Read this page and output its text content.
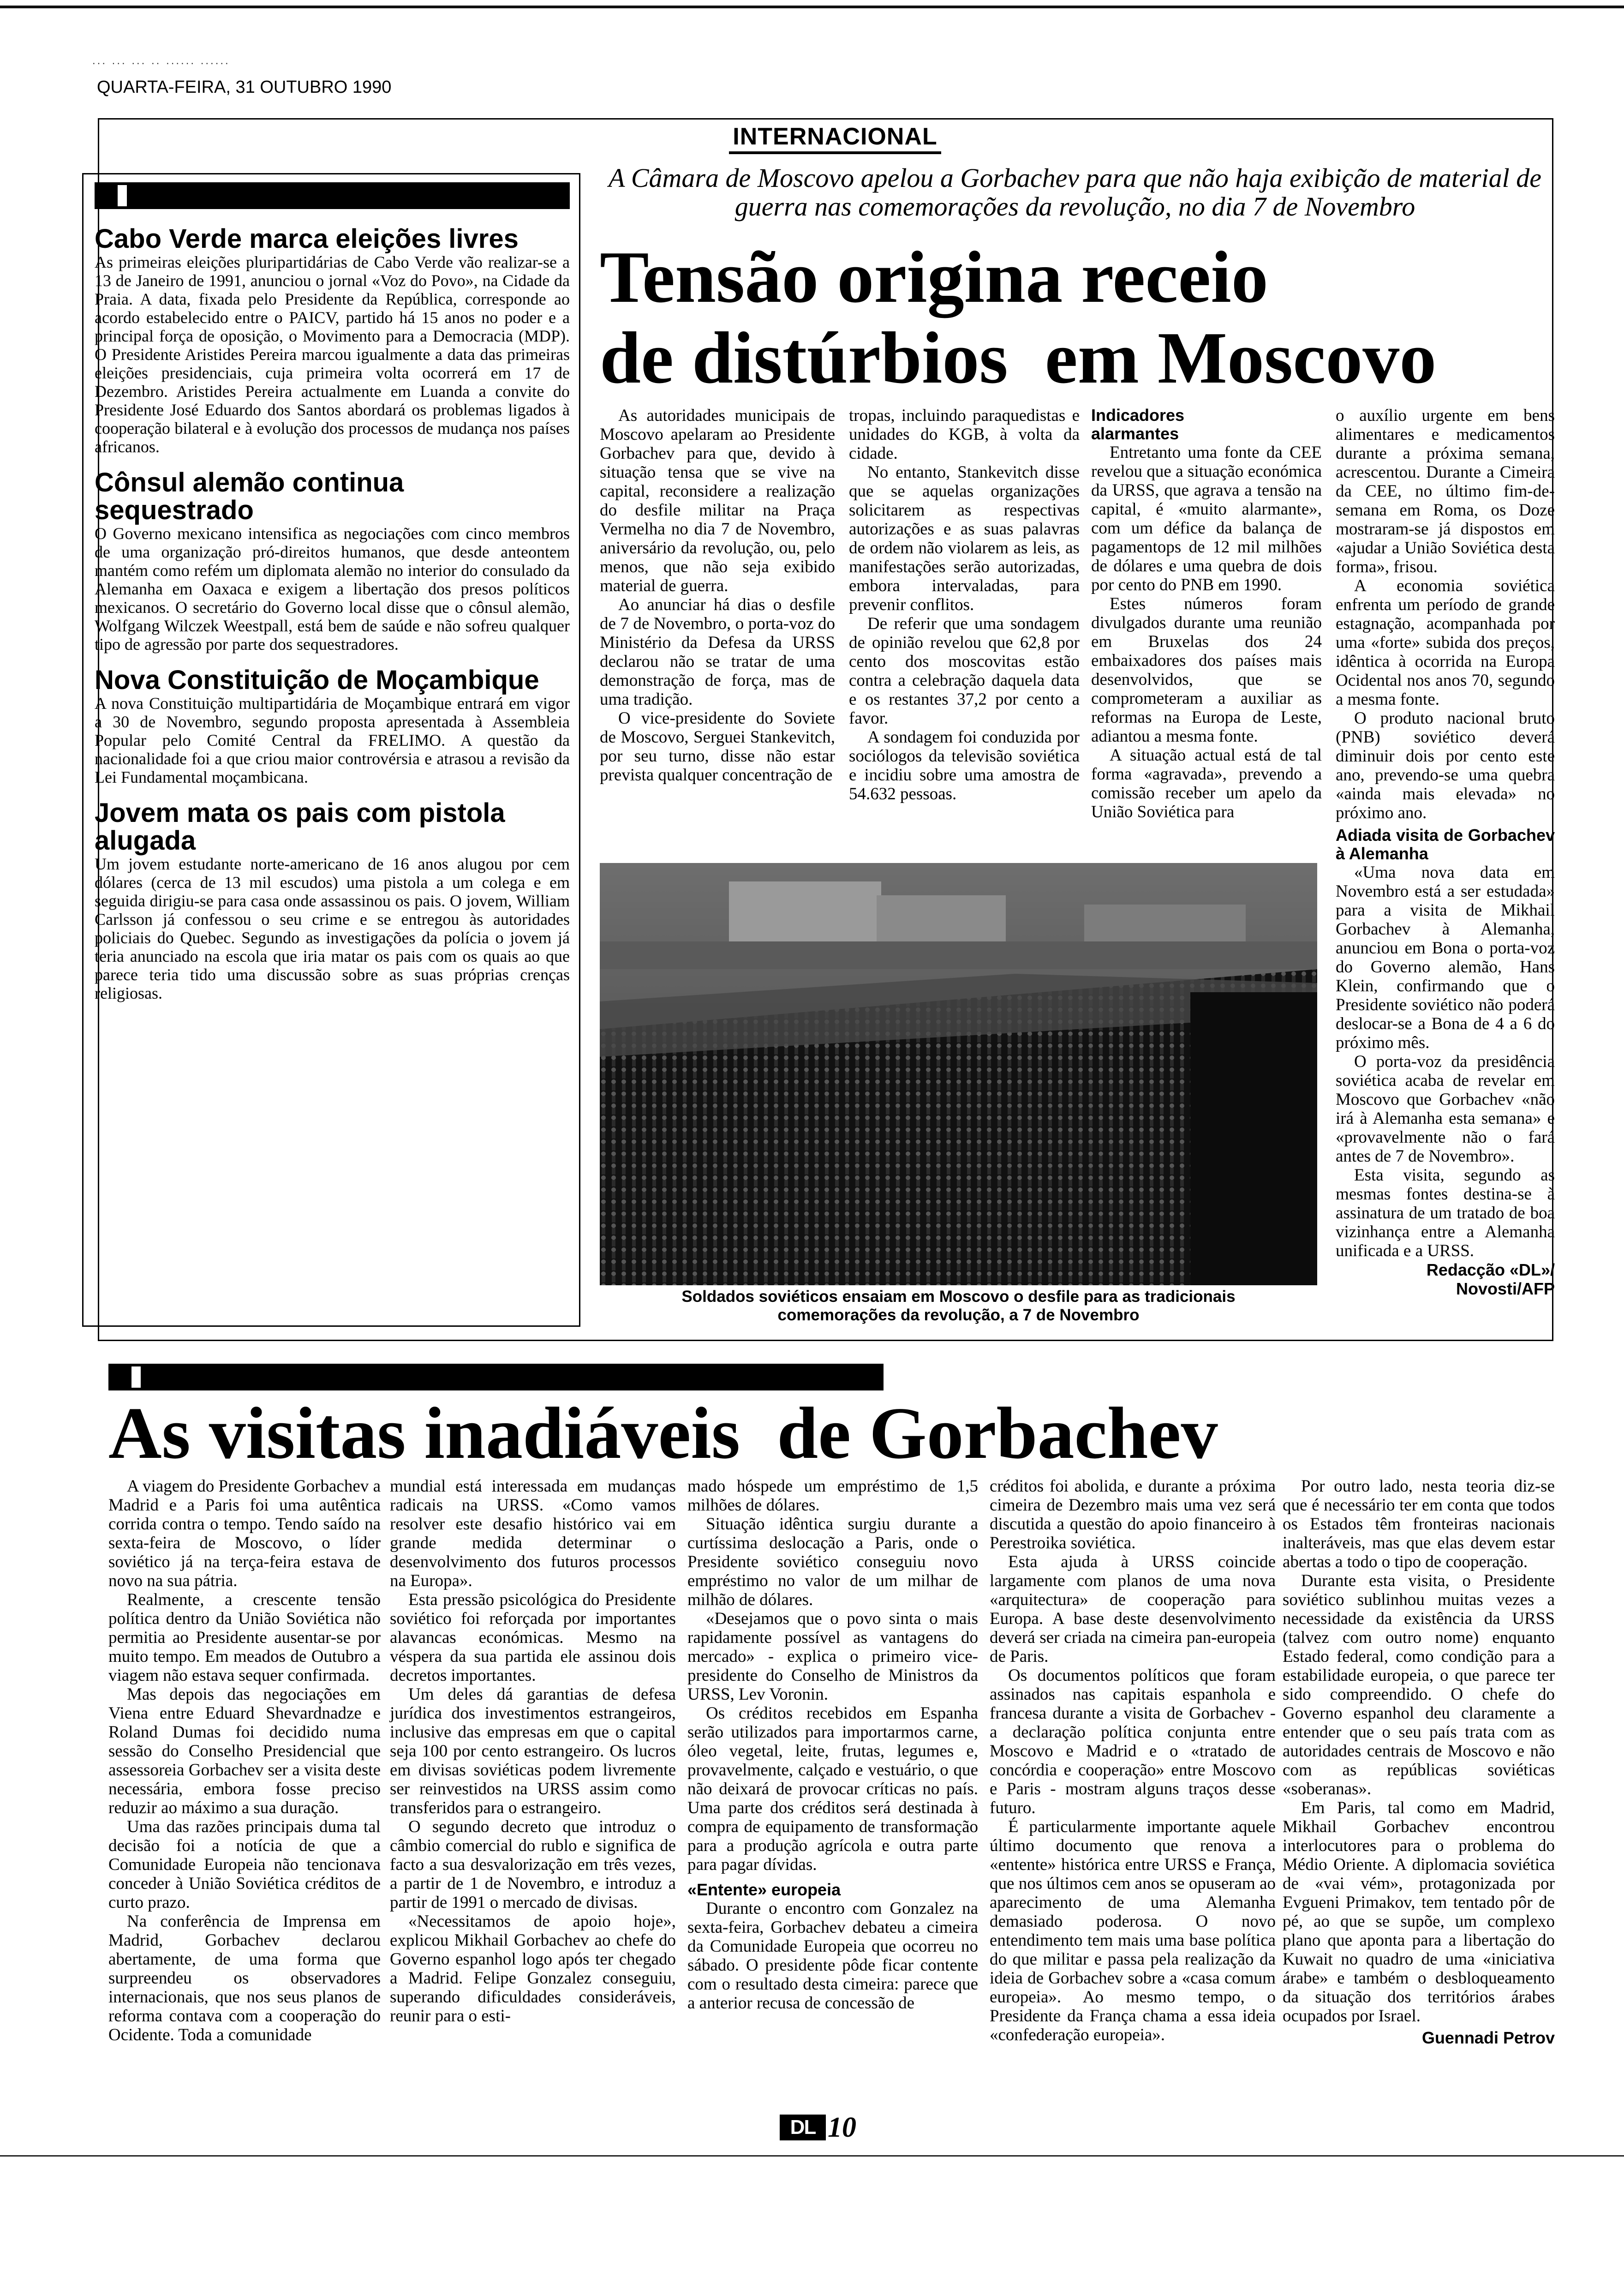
... ... ... .. ...... ......
QUARTA-FEIRA, 31 OUTUBRO 1990
INTERNACIONAL
Cabo Verde marca eleições livres
As primeiras eleições pluripartidárias de Cabo Verde vão realizar-se a 13 de Janeiro de 1991, anunciou o jornal «Voz do Povo», na Cidade da Praia. A data, fixada pelo Presidente da República, corresponde ao acordo estabelecido entre o PAICV, partido há 15 anos no poder e a principal força de oposição, o Movimento para a Democracia (MDP). O Presidente Aristides Pereira marcou igualmente a data das primeiras eleições presidenciais, cuja primeira volta ocorrerá em 17 de Dezembro. Aristides Pereira actualmente em Luanda a convite do Presidente José Eduardo dos Santos abordará os problemas ligados à cooperação bilateral e à evolução dos processos de mudança nos países africanos.
Cônsul alemão continua sequestrado
O Governo mexicano intensifica as negociações com cinco membros de uma organização pró-direitos humanos, que desde anteontem mantém como refém um diplomata alemão no interior do consulado da Alemanha em Oaxaca e exigem a libertação dos presos políticos mexicanos. O secretário do Governo local disse que o cônsul alemão, Wolfgang Wilczek Weestpall, está bem de saúde e não sofreu qualquer tipo de agressão por parte dos sequestradores.
Nova Constituição de Moçambique
A nova Constituição multipartidária de Moçambique entrará em vigor a 30 de Novembro, segundo proposta apresentada à Assembleia Popular pelo Comité Central da FRELIMO. A questão da nacionalidade foi a que criou maior controvérsia e atrasou a revisão da Lei Fundamental moçambicana.
Jovem mata os pais com pistola alugada
Um jovem estudante norte-americano de 16 anos alugou por cem dólares (cerca de 13 mil escudos) uma pistola a um colega e em seguida dirigiu-se para casa onde assassinou os pais. O jovem, William Carlsson já confessou o seu crime e se entregou às autoridades policiais do Quebec. Segundo as investigações da polícia o jovem já teria anunciado na escola que iria matar os pais com os quais ao que parece teria tido uma discussão sobre as suas próprias crenças religiosas.
A Câmara de Moscovo apelou a Gorbachev para que não haja exibição de material de guerra nas comemorações da revolução, no dia 7 de Novembro
Tensão origina receio
de distúrbios  em Moscovo

As autoridades municipais de Moscovo apelaram ao Presidente Gorbachev para que, devido à situação tensa que se vive na capital, reconsidere a realização do desfile militar na Praça Vermelha no dia 7 de Novembro, aniversário da revolução, ou, pelo menos, que não seja exibido material de guerra.

Ao anunciar há dias o desfile de 7 de Novembro, o porta-voz do Ministério da Defesa da URSS declarou não se tratar de uma demonstração de força, mas de uma tradição.

O vice-presidente do Soviete de Moscovo, Serguei Stankevitch, por seu turno, disse não estar prevista qualquer concentração de

tropas, incluindo paraquedistas e unidades do KGB, à volta da cidade.

No entanto, Stankevitch disse que se aquelas organizações solicitarem as respectivas autorizações e as suas palavras de ordem não violarem as leis, as manifestações serão autorizadas, embora intervaladas, para prevenir conflitos.

De referir que uma sondagem de opinião revelou que 62,8 por cento dos moscovitas estão contra a celebração daquela data e os restantes 37,2 por cento a favor.

A sondagem foi conduzida por sociólogos da televisão soviética e incidiu sobre uma amostra de 54.632 pessoas.

Indicadores alarmantes

Entretanto uma fonte da CEE revelou que a situação económica da URSS, que agrava a tensão na capital, é «muito alarmante», com um défice da balança de pagamentops de 12 mil milhões de dólares e uma quebra de dois por cento do PNB em 1990.

Estes números foram divulgados durante uma reunião em Bruxelas dos 24 embaixadores dos países mais desenvolvidos, que se comprometeram a auxiliar as reformas na Europa de Leste, adiantou a mesma fonte.

A situação actual está de tal forma «agravada», prevendo a comissão receber um apelo da União Soviética para

o auxílio urgente em bens alimentares e medicamentos durante a próxima semana, acrescentou. Durante a Cimeira da CEE, no último fim-de-semana em Roma, os Doze mostraram-se já dispostos em «ajudar a União Soviética desta forma», frisou.

A economia soviética enfrenta um período de grande estagnação, acompanhada por uma «forte» subida dos preços, idêntica à ocorrida na Europa Ocidental nos anos 70, segundo a mesma fonte.

O produto nacional bruto (PNB) soviético deverá diminuir dois por cento este ano, prevendo-se uma quebra «ainda mais elevada» no próximo ano.

Adiada visita de Gorbachev à Alemanha

«Uma nova data em Novembro está a ser estudada» para a visita de Mikhail Gorbachev à Alemanha, anunciou em Bona o porta-voz do Governo alemão, Hans Klein, confirmando que o Presidente soviético não poderá deslocar-se a Bona de 4 a 6 do próximo mês.

O porta-voz da presidência soviética acaba de revelar em Moscovo que Gorbachev «não irá à Alemanha esta semana» e «provavelmente não o fará antes de 7 de Novembro».

Esta visita, segundo as mesmas fontes destina-se à assinatura de um tratado de boa vizinhança entre a Alemanha unificada e a URSS.

Redacção «DL»/
Novosti/AFP
Soldados soviéticos ensaiam em Moscovo o desfile para as tradicionais
comemorações da revolução, a 7 de Novembro
As visitas inadiáveis  de Gorbachev

A viagem do Presidente Gorbachev a Madrid e a Paris foi uma autêntica corrida contra o tempo. Tendo saído na sexta-feira de Moscovo, o líder soviético já na terça-feira estava de novo na sua pátria.

Realmente, a crescente tensão política dentro da União Soviética não permitia ao Presidente ausentar-se por muito tempo. Em meados de Outubro a viagem não estava sequer confirmada.

Mas depois das negociações em Viena entre Eduard Shevardnadze e Roland Dumas foi decidido numa sessão do Conselho Presidencial que assessoreia Gorbachev ser a visita deste necessária, embora fosse preciso reduzir ao máximo a sua duração.

Uma das razões principais duma tal decisão foi a notícia de que a Comunidade Europeia não tencionava conceder à União Soviética créditos de curto prazo.

Na conferência de Imprensa em Madrid, Gorbachev declarou abertamente, de uma forma que surpreendeu os observadores internacionais, que nos seus planos de reforma contava com a cooperação do Ocidente. Toda a comunidade

mundial está interessada em mudanças radicais na URSS. «Como vamos resolver este desafio histórico vai em grande medida determinar o desenvolvimento dos futuros processos na Europa».

Esta pressão psicológica do Presidente soviético foi reforçada por importantes alavancas económicas. Mesmo na véspera da sua partida ele assinou dois decretos importantes.

Um deles dá garantias de defesa jurídica dos investimentos estrangeiros, inclusive das empresas em que o capital seja 100 por cento estrangeiro. Os lucros em divisas soviéticas podem livremente ser reinvestidos na URSS assim como transferidos para o estrangeiro.

O segundo decreto que introduz o câmbio comercial do rublo e significa de facto a sua desvalorização em três vezes, a partir de 1 de Novembro, e introduz a partir de 1991 o mercado de divisas.

«Necessitamos de apoio hoje», explicou Mikhail Gorbachev ao chefe do Governo espanhol logo após ter chegado a Madrid. Felipe Gonzalez conseguiu, superando dificuldades consideráveis, reunir para o esti-

mado hóspede um empréstimo de 1,5 milhões de dólares.

Situação idêntica surgiu durante a curtíssima deslocação a Paris, onde o Presidente soviético conseguiu novo empréstimo no valor de um milhar de milhão de dólares.

«Desejamos que o povo sinta o mais rapidamente possível as vantagens do mercado» - explica o primeiro vice-presidente do Conselho de Ministros da URSS, Lev Voronin.

Os créditos recebidos em Espanha serão utilizados para importarmos carne, óleo vegetal, leite, frutas, legumes e, provavelmente, calçado e vestuário, o que não deixará de provocar críticas no país. Uma parte dos créditos será destinada à compra de equipamento de transformação para a produção agrícola e outra parte para pagar dívidas.

«Entente» europeia

Durante o encontro com Gonzalez na sexta-feira, Gorbachev debateu a cimeira da Comunidade Europeia que ocorreu no sábado. O presidente pôde ficar contente com o resultado desta cimeira: parece que a anterior recusa de concessão de

créditos foi abolida, e durante a próxima cimeira de Dezembro mais uma vez será discutida a questão do apoio financeiro à Perestroika soviética.

Esta ajuda à URSS coincide largamente com planos de uma nova «arquitectura» de cooperação para Europa. A base deste desenvolvimento deverá ser criada na cimeira pan-europeia de Paris.

Os documentos políticos que foram assinados nas capitais espanhola e francesa durante a visita de Gorbachev - a declaração política conjunta entre Moscovo e Madrid e o «tratado de concórdia e cooperação» entre Moscovo e Paris - mostram alguns traços desse futuro.

É particularmente importante aquele último documento que renova a «entente» histórica entre URSS e França, que nos últimos cem anos se opuseram ao aparecimento de uma Alemanha demasiado poderosa. O novo entendimento tem mais uma base política do que militar e passa pela realização da ideia de Gorbachev sobre a «casa comum europeia». Ao mesmo tempo, o Presidente da França chama a essa ideia «confederação europeia».

Por outro lado, nesta teoria diz-se que é necessário ter em conta que todos os Estados têm fronteiras nacionais inalteráveis, mas que elas devem estar abertas a todo o tipo de cooperação.

Durante esta visita, o Presidente soviético sublinhou muitas vezes a necessidade da existência da URSS (talvez com outro nome) enquanto Estado federal, como condição para a estabilidade europeia, o que parece ter sido compreendido. O chefe do Governo espanhol deu claramente a entender que o seu país trata com as autoridades centrais de Moscovo e não com as repúblicas soviéticas «soberanas».

Em Paris, tal como em Madrid, Mikhail Gorbachev encontrou interlocutores para o problema do Médio Oriente. A diplomacia soviética de «vai vém», protagonizada por Evgueni Primakov, tem tentado pôr de pé, ao que se supõe, um complexo plano que aponta para a libertação do Kuwait no quadro de uma «iniciativa árabe» e também o desbloqueamento da situação dos territórios árabes ocupados por Israel.

Guennadi Petrov
DL 10
